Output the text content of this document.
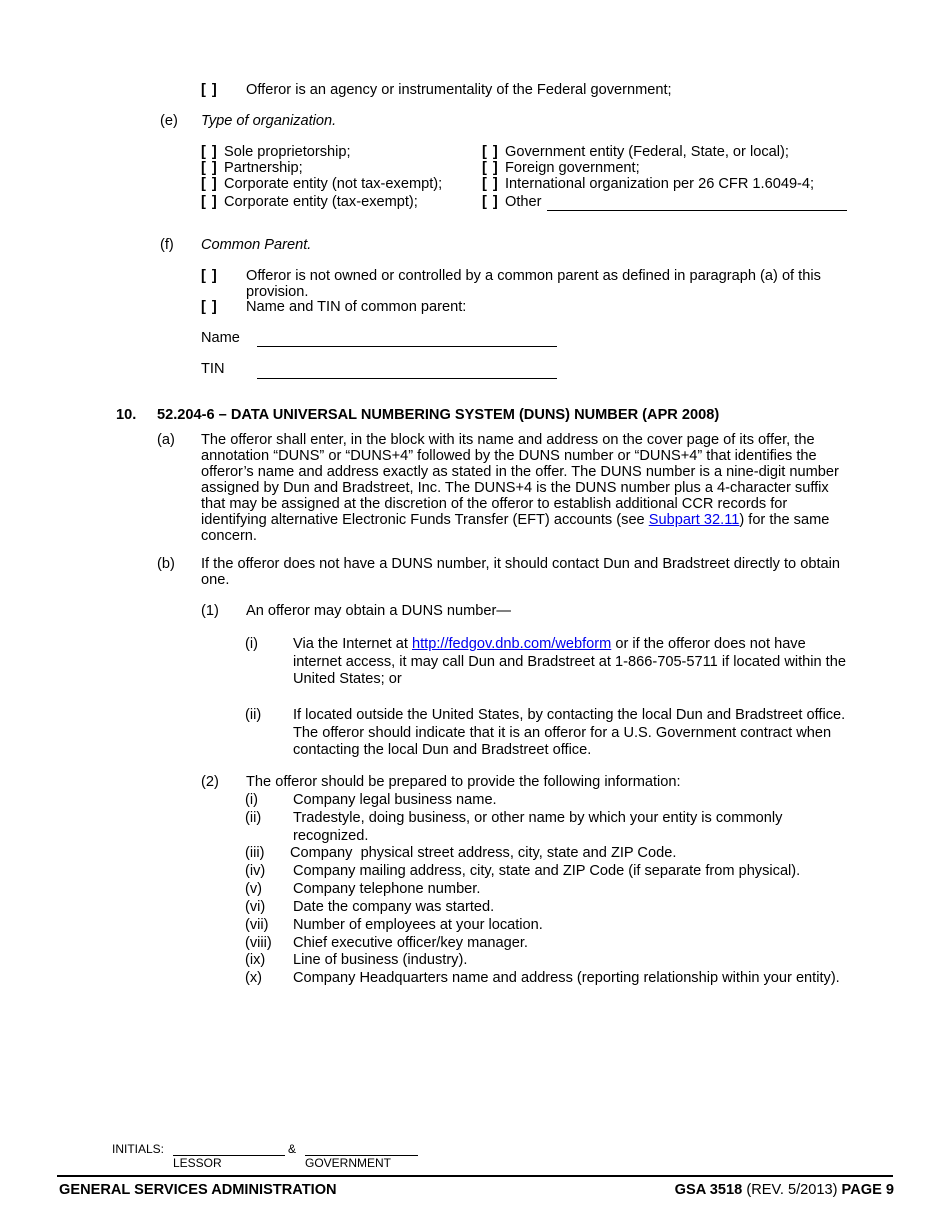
[ ] Offeror is an agency or instrumentality of the Federal government;
(e) Type of organization.
[ ] Sole proprietorship;
[ ] Partnership;
[ ] Corporate entity (not tax-exempt);
[ ] Corporate entity (tax-exempt);
[ ] Government entity (Federal, State, or local);
[ ] Foreign government;
[ ] International organization per 26 CFR 1.6049-4;
[ ] Other
(f) Common Parent.
[ ] Offeror is not owned or controlled by a common parent as defined in paragraph (a) of this provision.
[ ] Name and TIN of common parent:
Name
TIN
10. 52.204-6 – DATA UNIVERSAL NUMBERING SYSTEM (DUNS) NUMBER (APR 2008)
(a) The offeror shall enter, in the block with its name and address on the cover page of its offer, the annotation “DUNS” or “DUNS+4” followed by the DUNS number or “DUNS+4” that identifies the offeror’s name and address exactly as stated in the offer. The DUNS number is a nine-digit number assigned by Dun and Bradstreet, Inc. The DUNS+4 is the DUNS number plus a 4-character suffix that may be assigned at the discretion of the offeror to establish additional CCR records for identifying alternative Electronic Funds Transfer (EFT) accounts (see Subpart 32.11) for the same concern.
(b) If the offeror does not have a DUNS number, it should contact Dun and Bradstreet directly to obtain one.
(1) An offeror may obtain a DUNS number—
(i) Via the Internet at http://fedgov.dnb.com/webform or if the offeror does not have internet access, it may call Dun and Bradstreet at 1-866-705-5711 if located within the United States; or
(ii) If located outside the United States, by contacting the local Dun and Bradstreet office. The offeror should indicate that it is an offeror for a U.S. Government contract when contacting the local Dun and Bradstreet office.
(2) The offeror should be prepared to provide the following information:
(i) Company legal business name.
(ii) Tradestyle, doing business, or other name by which your entity is commonly recognized.
(iii) Company  physical street address, city, state and ZIP Code.
(iv) Company mailing address, city, state and ZIP Code (if separate from physical).
(v) Company telephone number.
(vi) Date the company was started.
(vii) Number of employees at your location.
(viii) Chief executive officer/key manager.
(ix) Line of business (industry).
(x) Company Headquarters name and address (reporting relationship within your entity).
INITIALS:	&
LESSOR	GOVERNMENT
GENERAL SERVICES ADMINISTRATION	GSA 3518 (REV. 5/2013) PAGE 9
